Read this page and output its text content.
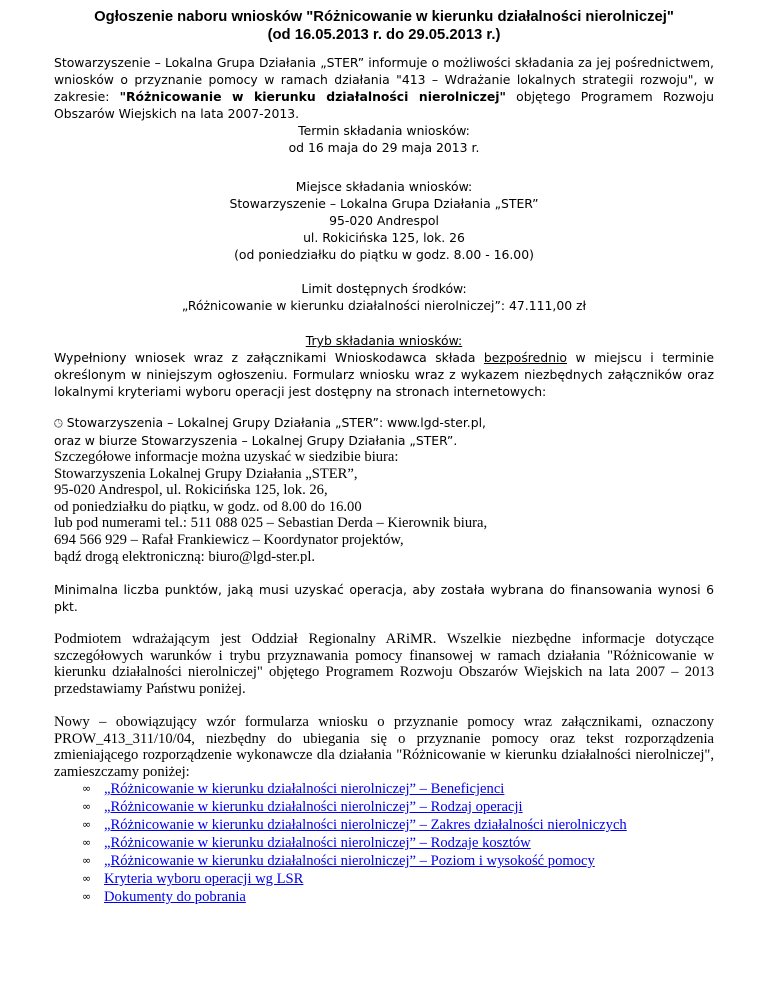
Ogłoszenie naboru wniosków "Różnicowanie w kierunku działalności nierolniczej"
(od 16.05.2013 r. do 29.05.2013 r.)
Stowarzyszenie – Lokalna Grupa Działania „STER” informuje o możliwości składania za jej pośrednictwem, wniosków o przyznanie pomocy w ramach działania "413 – Wdrażanie lokalnych strategii rozwoju", w zakresie: "Różnicowanie w kierunku działalności nierolniczej" objętego Programem Rozwoju Obszarów Wiejskich na lata 2007-2013.
Termin składania wniosków:
od 16 maja do 29 maja 2013 r.
Miejsce składania wniosków:
Stowarzyszenie – Lokalna Grupa Działania „STER”
95-020 Andrespol
ul. Rokicińska 125, lok. 26
(od poniedziałku do piątku w godz. 8.00 - 16.00)
Limit dostępnych środków:
„Różnicowanie w kierunku działalności nierolniczej”: 47.111,00 zł
Tryb składania wniosków:
Wypełniony wniosek wraz z załącznikami Wnioskodawca składa bezpośrednio w miejscu i terminie określonym w niniejszym ogłoszeniu. Formularz wniosku wraz z wykazem niezbędnych załączników oraz lokalnymi kryteriami wyboru operacji jest dostępny na stronach internetowych:
🕒︎ Stowarzyszenia – Lokalnej Grupy Działania „STER”: www.lgd-ster.pl,
oraz w biurze Stowarzyszenia – Lokalnej Grupy Działania „STER”.
Szczegółowe informacje można uzyskać w siedzibie biura:
Stowarzyszenia Lokalnej Grupy Działania „STER”,
95-020 Andrespol, ul. Rokicińska 125, lok. 26,
od poniedziałku do piątku, w godz. od 8.00 do 16.00
lub pod numerami tel.: 511 088 025 – Sebastian Derda – Kierownik biura,
694 566 929 – Rafał Frankiewicz – Koordynator projektów,
bądź drogą elektroniczną: biuro@lgd-ster.pl.
Minimalna liczba punktów, jaką musi uzyskać operacja, aby została wybrana do finansowania wynosi 6 pkt.
Podmiotem wdrażającym jest Oddział Regionalny ARiMR. Wszelkie niezbędne informacje dotyczące szczegółowych warunków i trybu przyznawania pomocy finansowej w ramach działania "Różnicowanie w kierunku działalności nierolniczej" objętego Programem Rozwoju Obszarów Wiejskich na lata 2007 – 2013 przedstawiamy Państwu poniżej.
Nowy – obowiązujący wzór formularza wniosku o przyznanie pomocy wraz załącznikami, oznaczony PROW_413_311/10/04, niezbędny do ubiegania się o przyznanie pomocy oraz tekst rozporządzenia zmieniającego rozporządzenie wykonawcze dla działania "Różnicowanie w kierunku działalności nierolniczej", zamieszczamy poniżej:
∞ „Różnicowanie w kierunku działalności nierolniczej” – Beneficjenci
∞ „Różnicowanie w kierunku działalności nierolniczej” – Rodzaj operacji
∞ „Różnicowanie w kierunku działalności nierolniczej” – Zakres działalności nierolniczych
∞ „Różnicowanie w kierunku działalności nierolniczej” – Rodzaje kosztów
∞ „Różnicowanie w kierunku działalności nierolniczej” – Poziom i wysokość pomocy
∞ Kryteria wyboru operacji wg LSR
∞ Dokumenty do pobrania
